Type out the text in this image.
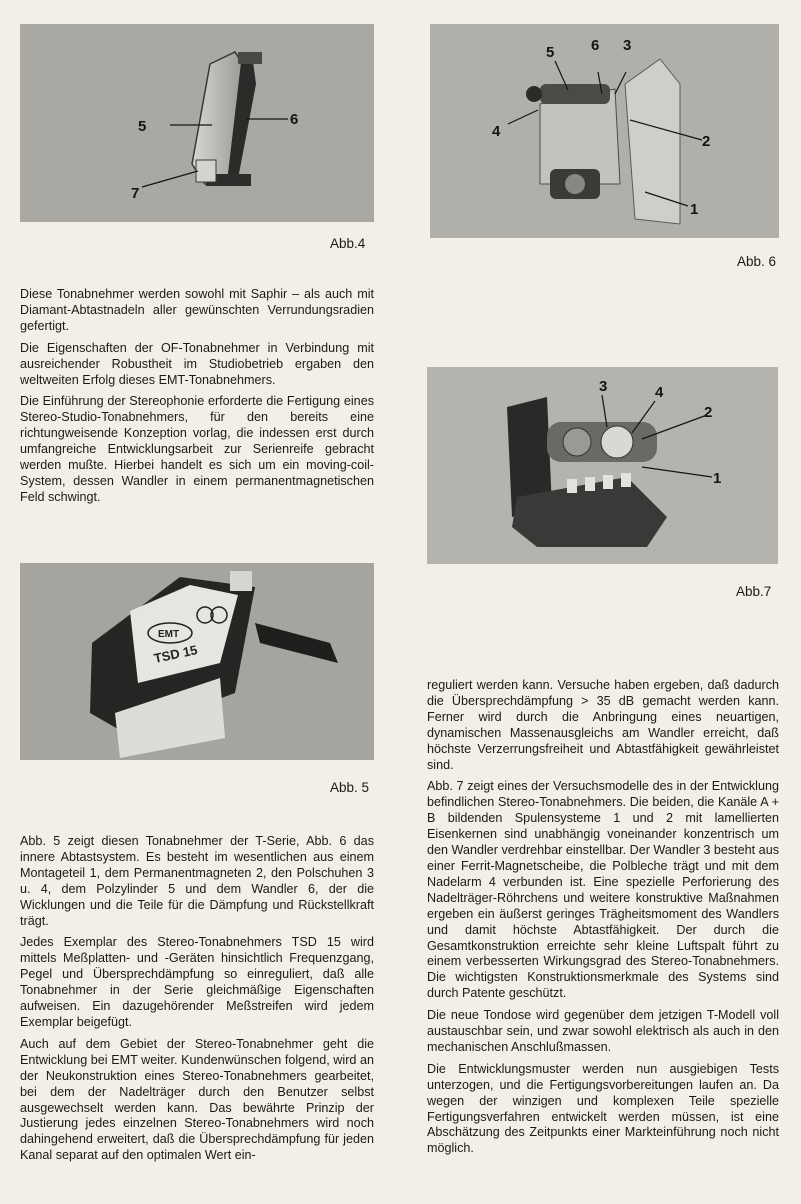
5	6
7
Abb.4
5 6 3
4
2
1
Abb. 6

Diese Tonabnehmer werden sowohl mit Saphir – als auch mit Diamant-Abtastnadeln aller gewünschten Verrundungsradien gefertigt.

Die Eigenschaften der OF-Tonabnehmer in Verbindung mit ausreichender Robustheit im Studiobetrieb ergaben den weltweiten Erfolg dieses EMT-Tonabnehmers.

Die Einführung der Stereophonie erforderte die Fertigung eines Stereo-Studio-Tonabnehmers, für den bereits eine richtungweisende Konzeption vorlag, die indessen erst durch umfangreiche Entwicklungsarbeit zur Serienreife gebracht werden mußte. Hierbei handelt es sich um ein moving-coil-System, dessen Wandler in einem permanentmagnetischen Feld schwingt.

3	4
2
1
Abb.7
EMT
TSD 15
Abb. 5

Abb. 5 zeigt diesen Tonabnehmer der T-Serie, Abb. 6 das innere Abtastsystem. Es besteht im wesentlichen aus einem Montageteil 1, dem Permanentmagneten 2, den Polschuhen 3 u. 4, dem Polzylinder 5 und dem Wandler 6, der die Wicklungen und die Teile für die Dämpfung und Rückstellkraft trägt.

Jedes Exemplar des Stereo-Tonabnehmers TSD 15 wird mittels Meßplatten- und -Geräten hinsichtlich Frequenzgang, Pegel und Übersprechdämpfung so einreguliert, daß alle Tonabnehmer in der Serie gleichmäßige Eigenschaften aufweisen. Ein dazugehörender Meßstreifen wird jedem Exemplar beigefügt.

Auch auf dem Gebiet der Stereo-Tonabnehmer geht die Entwicklung bei EMT weiter. Kundenwünschen folgend, wird an der Neukonstruktion eines Stereo-Tonabnehmers gearbeitet, bei dem der Nadelträger durch den Benutzer selbst ausgewechselt werden kann. Das bewährte Prinzip der Justierung jedes einzelnen Stereo-Tonabnehmers wird noch dahingehend erweitert, daß die Übersprechdämpfung für jeden Kanal separat auf den optimalen Wert ein-

reguliert werden kann. Versuche haben ergeben, daß dadurch die Übersprechdämpfung > 35 dB gemacht werden kann. Ferner wird durch die Anbringung eines neuartigen, dynamischen Massenausgleichs am Wandler erreicht, daß höchste Verzerrungsfreiheit und Abtastfähigkeit gewährleistet sind.

Abb. 7 zeigt eines der Versuchsmodelle des in der Entwicklung befindlichen Stereo-Tonabnehmers. Die beiden, die Kanäle A + B bildenden Spulensysteme 1 und 2 mit lamellierten Eisenkernen sind unabhängig voneinander konzentrisch um den Wandler verdrehbar einstellbar. Der Wandler 3 besteht aus einer Ferrit-Magnetscheibe, die Polbleche trägt und mit dem Nadelarm 4 verbunden ist. Eine spezielle Perforierung des Nadelträger-Röhrchens und weitere konstruktive Maßnahmen ergeben ein äußerst geringes Trägheitsmoment des Wandlers und damit höchste Abtastfähigkeit. Der durch die Gesamtkonstruktion erreichte sehr kleine Luftspalt führt zu einem verbesserten Wirkungsgrad des Stereo-Tonabnehmers. Die wichtigsten Konstruktionsmerkmale des Systems sind durch Patente geschützt.

Die neue Tondose wird gegenüber dem jetzigen T-Modell voll austauschbar sein, und zwar sowohl elektrisch als auch in den mechanischen Anschlußmassen.

Die Entwicklungsmuster werden nun ausgiebigen Tests unterzogen, und die Fertigungsvorbereitungen laufen an. Da wegen der winzigen und komplexen Teile spezielle Fertigungsverfahren entwickelt werden müssen, ist eine Abschätzung des Zeitpunkts einer Markteinführung noch nicht möglich.
